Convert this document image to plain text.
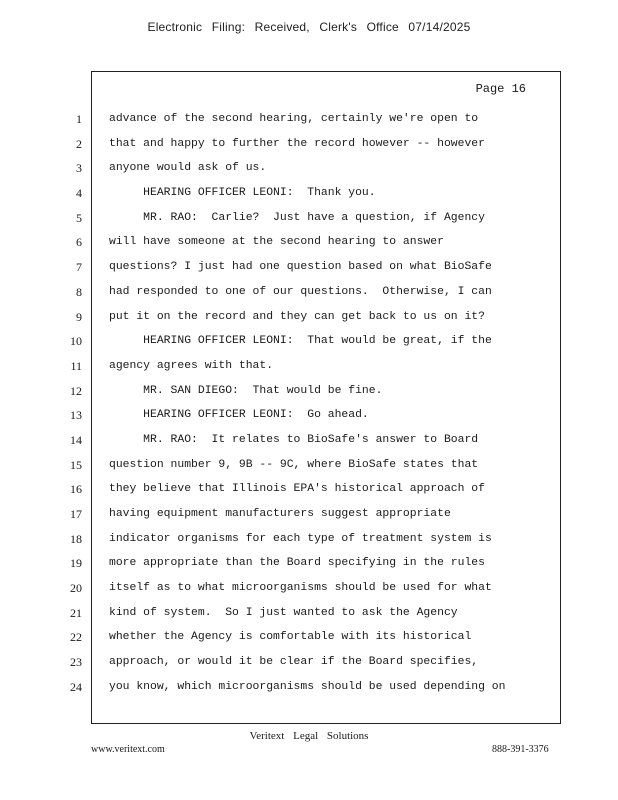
Electronic Filing: Received, Clerk's Office 07/14/2025
Page 16
1
2
3
4
5
6
7
8
9
10
11
12
13
14
15
16
17
18
19
20
21
22
23
24
advance of the second hearing, certainly we're open to
that and happy to further the record however -- however
anyone would ask of us.
HEARING OFFICER LEONI:  Thank you.
MR. RAO:  Carlie?  Just have a question, if Agency
will have someone at the second hearing to answer
questions? I just had one question based on what BioSafe
had responded to one of our questions.  Otherwise, I can
put it on the record and they can get back to us on it?
HEARING OFFICER LEONI:  That would be great, if the
agency agrees with that.
MR. SAN DIEGO:  That would be fine.
HEARING OFFICER LEONI:  Go ahead.
MR. RAO:  It relates to BioSafe's answer to Board
question number 9, 9B -- 9C, where BioSafe states that
they believe that Illinois EPA's historical approach of
having equipment manufacturers suggest appropriate
indicator organisms for each type of treatment system is
more appropriate than the Board specifying in the rules
itself as to what microorganisms should be used for what
kind of system.  So I just wanted to ask the Agency
whether the Agency is comfortable with its historical
approach, or would it be clear if the Board specifies,
you know, which microorganisms should be used depending on
Veritext Legal Solutions
www.veritext.com	888-391-3376
